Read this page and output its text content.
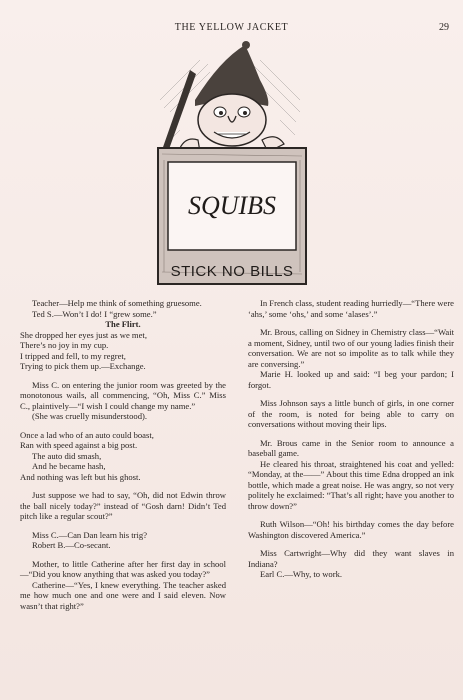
THE YELLOW JACKET	29
SQUIBS
STICK NO BILLS

Teacher—Help me think of something gruesome.

Ted S.—Won’t I do! I “grew some.”

The Flirt.

She dropped her eyes just as we met,

There’s no joy in my cup.

I tripped and fell, to my regret,

Trying to pick them up.—Exchange.

Miss C. on entering the junior room was greeted by the monotonous wails, all commencing, “Oh, Miss C.” Miss C., plaintively—“I wish I could change my name.”

(She was cruelly misunderstood).

Once a lad who of an auto could boast,

Ran with speed against a big post.

The auto did smash,

And he became hash,

And nothing was left but his ghost.

Just suppose we had to say, “Oh, did not Edwin throw the ball nicely today?” instead of “Gosh darn! Didn’t Ted pitch like a regular scout?”

Miss C.—Can Dan learn his trig?

Robert B.—Co-secant.

Mother, to little Catherine after her first day in school—“Did you know anything that was asked you today?”

Catherine—“Yes, I knew everything. The teacher asked me how much one and one were and I said eleven. Now wasn’t that right?”

In French class, student reading hurriedly—“There were ‘ahs,’ some ‘ohs,’ and some ‘alases’.”

Mr. Brous, calling on Sidney in Chemistry class—“Wait a moment, Sidney, until two of our young ladies finish their conversation. We are not so impolite as to talk while they are conversing.”

Marie H. looked up and said: “I beg your pardon; I forgot.

Miss Johnson says a little bunch of girls, in one corner of the room, is noted for being able to carry on conversations without moving their lips.

Mr. Brous came in the Senior room to announce a baseball game.

He cleared his throat, straightened his coat and yelled: “Monday, at the——” About this time Edna dropped an ink bottle, which made a great noise. He was angry, so not very politely he exclaimed: “That’s all right; have you another to throw down?”

Ruth Wilson—“Oh! his birthday comes the day before Washington discovered America.”

Miss Cartwright—Why did they want slaves in Indiana?

Earl C.—Why, to work.
